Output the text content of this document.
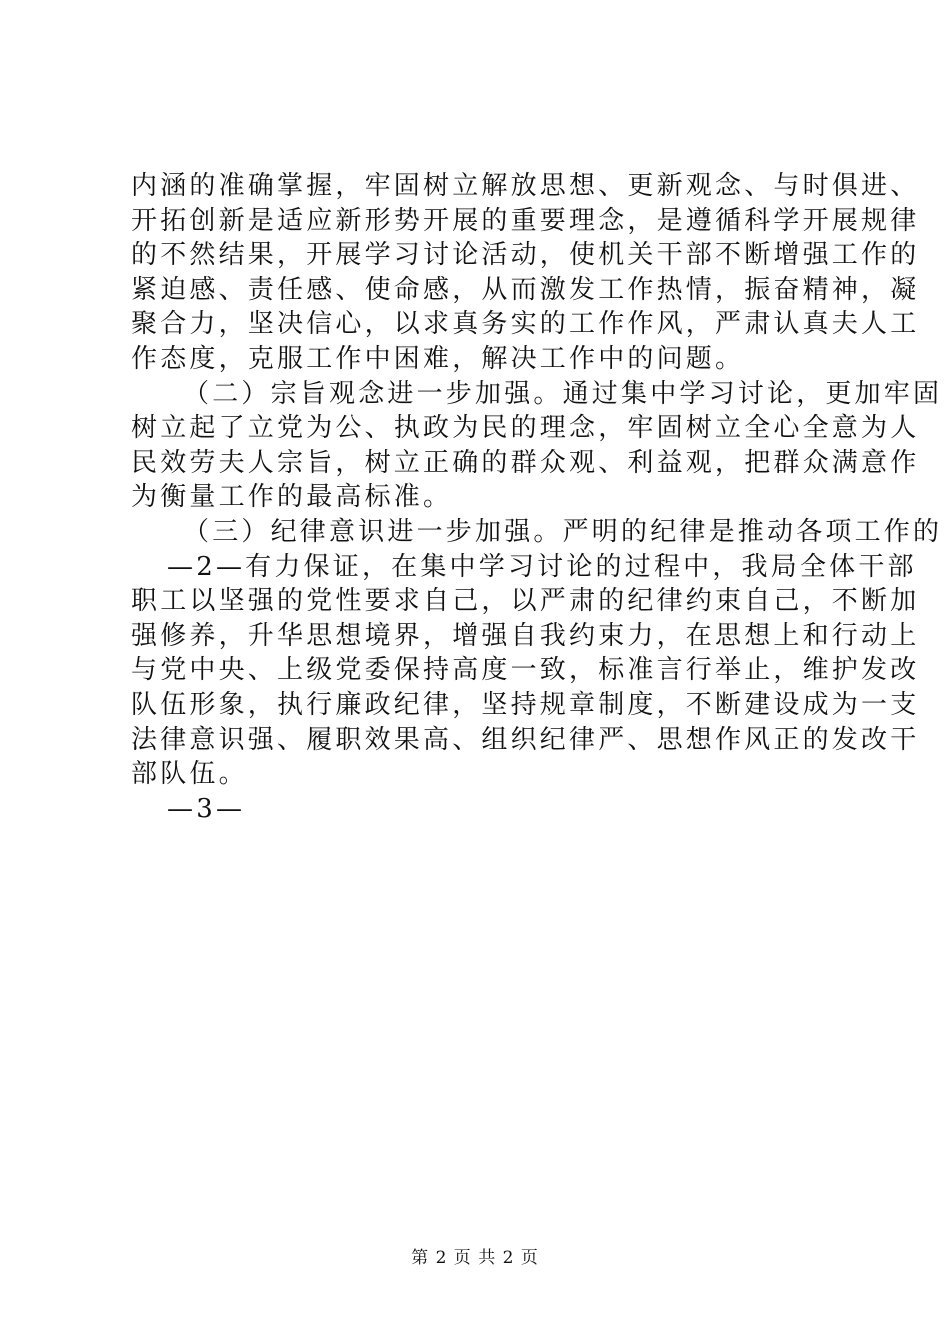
内涵的准确掌握，牢固树立解放思想、更新观念、与时俱进、
开拓创新是适应新形势开展的重要理念，是遵循科学开展规律
的不然结果，开展学习讨论活动，使机关干部不断增强工作的
紧迫感、责任感、使命感，从而激发工作热情，振奋精神，凝
聚合力，坚决信心，以求真务实的工作作风，严肃认真夫人工
作态度，克服工作中困难，解决工作中的问题。
（二）宗旨观念进一步加强。通过集中学习讨论，更加牢固
树立起了立党为公、执政为民的理念，牢固树立全心全意为人
民效劳夫人宗旨，树立正确的群众观、利益观，把群众满意作
为衡量工作的最高标准。
（三）纪律意识进一步加强。严明的纪律是推动各项工作的
—2—有力保证，在集中学习讨论的过程中，我局全体干部
职工以坚强的党性要求自己，以严肃的纪律约束自己，不断加
强修养，升华思想境界，增强自我约束力，在思想上和行动上
与党中央、上级党委保持高度一致，标准言行举止，维护发改
队伍形象，执行廉政纪律，坚持规章制度，不断建设成为一支
法律意识强、履职效果高、组织纪律严、思想作风正的发改干
部队伍。
—3—
第 2 页 共 2 页
